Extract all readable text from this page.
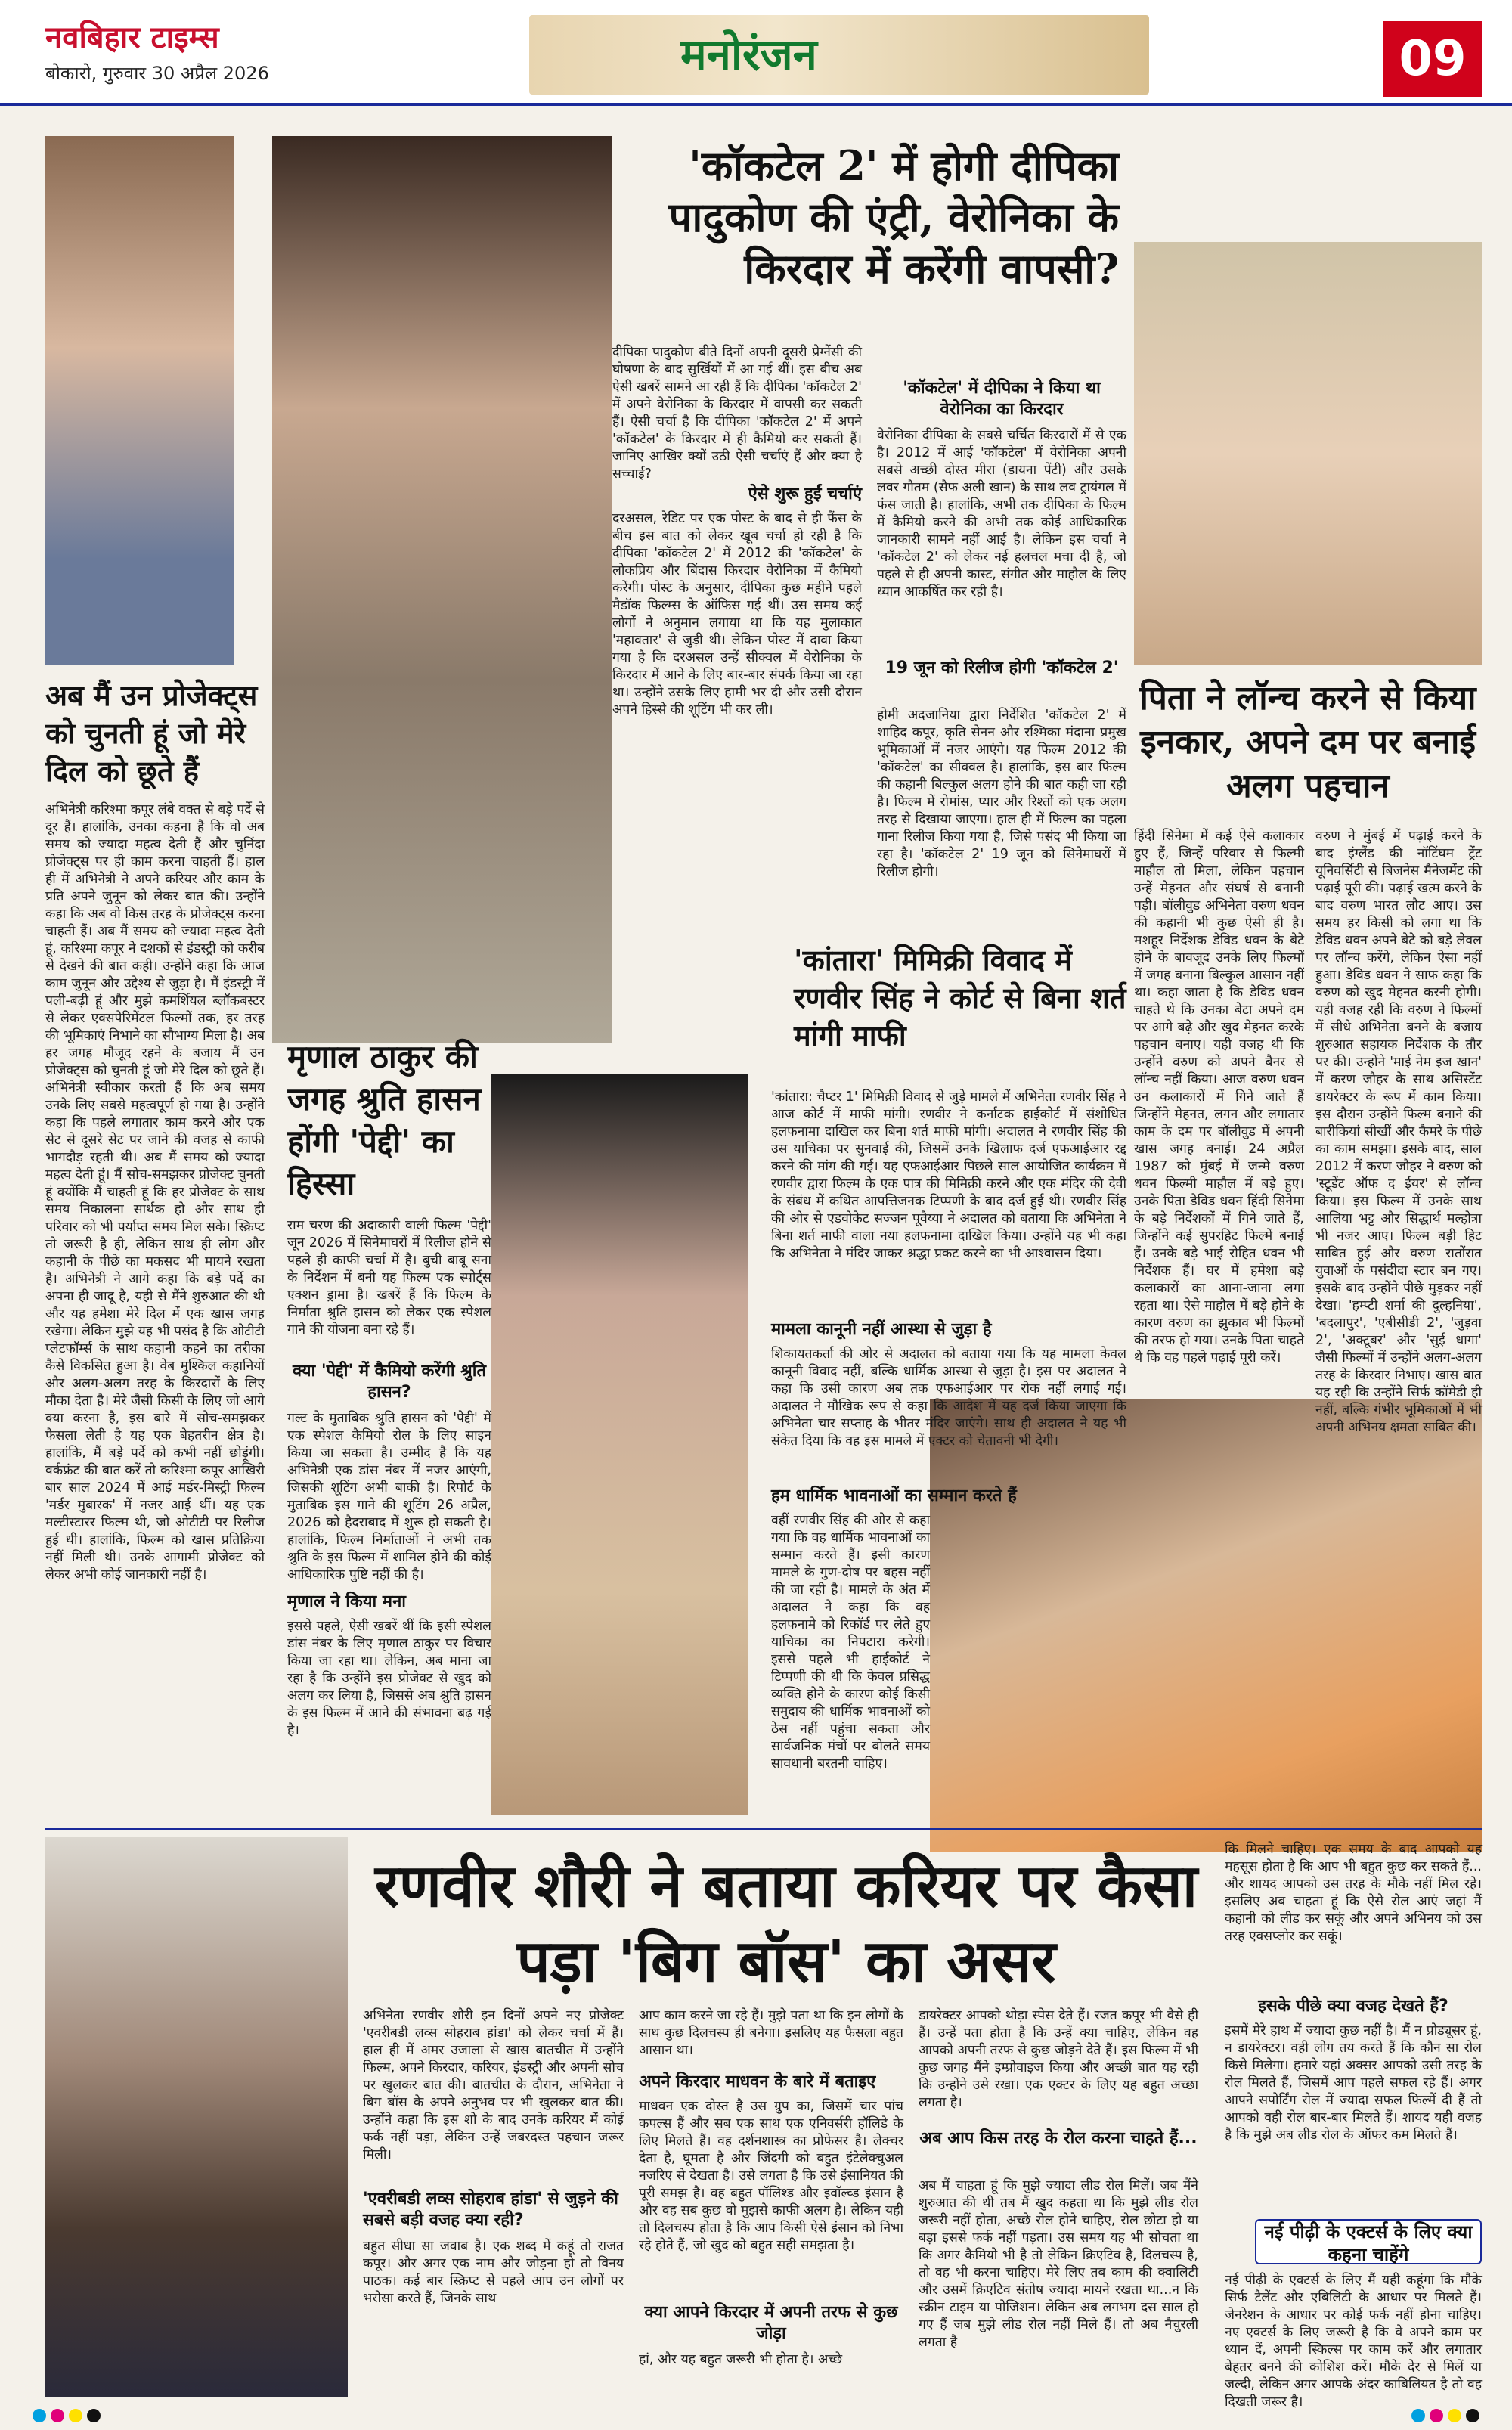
नवबिहार टाइम्स
बोकारो, गुरुवार 30 अप्रैल 2026	मनोरंजन	09
'कॉकटेल 2' में होगी दीपिका पादुकोण की एंट्री, वेरोनिका के किरदार में करेंगी वापसी?
दीपिका पादुकोण बीते दिनों अपनी दूसरी प्रेग्नेंसी की घोषणा के बाद सुर्खियों में आ गई थीं। इस बीच अब ऐसी खबरें सामने आ रही हैं कि दीपिका 'कॉकटेल 2' में अपने वेरोनिका के किरदार में वापसी कर सकती हैं। ऐसी चर्चा है कि दीपिका 'कॉकटेल 2' में अपने 'कॉकटेल' के किरदार में ही कैमियो कर सकती हैं। जानिए आखिर क्यों उठी ऐसी चर्चाएं हैं और क्या है सच्चाई?
ऐसे शुरू हुईं चर्चाएं
दरअसल, रेडिट पर एक पोस्ट के बाद से ही फैंस के बीच इस बात को लेकर खूब चर्चा हो रही है कि दीपिका 'कॉकटेल 2' में 2012 की 'कॉकटेल' के लोकप्रिय और बिंदास किरदार वेरोनिका में कैमियो करेंगी। पोस्ट के अनुसार, दीपिका कुछ महीने पहले मैडॉक फिल्म्स के ऑफिस गई थीं। उस समय कई लोगों ने अनुमान लगाया था कि यह मुलाकात 'महावतार' से जुड़ी थी। लेकिन पोस्ट में दावा किया गया है कि दरअसल उन्हें सीक्वल में वेरोनिका के किरदार में आने के लिए बार-बार संपर्क किया जा रहा था। उन्होंने उसके लिए हामी भर दी और उसी दौरान अपने हिस्से की शूटिंग भी कर ली।
'कॉकटेल' में दीपिका ने किया था वेरोनिका का किरदार
वेरोनिका दीपिका के सबसे चर्चित किरदारों में से एक है। 2012 में आई 'कॉकटेल' में वेरोनिका अपनी सबसे अच्छी दोस्त मीरा (डायना पेंटी) और उसके लवर गौतम (सैफ अली खान) के साथ लव ट्रायंगल में फंस जाती है। हालांकि, अभी तक दीपिका के फिल्म में कैमियो करने की अभी तक कोई आधिकारिक जानकारी सामने नहीं आई है। लेकिन इस चर्चा ने 'कॉकटेल 2' को लेकर नई हलचल मचा दी है, जो पहले से ही अपनी कास्ट, संगीत और माहौल के लिए ध्यान आकर्षित कर रही है।
19 जून को रिलीज होगी 'कॉकटेल 2'
होमी अदजानिया द्वारा निर्देशित 'कॉकटेल 2' में शाहिद कपूर, कृति सेनन और रश्मिका मंदाना प्रमुख भूमिकाओं में नजर आएंगे। यह फिल्म 2012 की 'कॉकटेल' का सीक्वल है। हालांकि, इस बार फिल्म की कहानी बिल्कुल अलग होने की बात कही जा रही है। फिल्म में रोमांस, प्यार और रिश्तों को एक अलग तरह से दिखाया जाएगा। हाल ही में फिल्म का पहला गाना रिलीज किया गया है, जिसे पसंद भी किया जा रहा है। 'कॉकटेल 2' 19 जून को सिनेमाघरों में रिलीज होगी।
अब मैं उन प्रोजेक्ट्स को चुनती हूं जो मेरे दिल को छूते हैं
अभिनेत्री करिश्मा कपूर लंबे वक्त से बड़े पर्दे से दूर हैं। हालांकि, उनका कहना है कि वो अब समय को ज्यादा महत्व देती हैं और चुनिंदा प्रोजेक्ट्स पर ही काम करना चाहती हैं। हाल ही में अभिनेत्री ने अपने करियर और काम के प्रति अपने जुनून को लेकर बात की। उन्होंने कहा कि अब वो किस तरह के प्रोजेक्ट्स करना चाहती हैं। अब मैं समय को ज्यादा महत्व देती हूं, करिश्मा कपूर ने दशकों से इंडस्ट्री को करीब से देखने की बात कही। उन्होंने कहा कि आज काम जुनून और उद्देश्य से जुड़ा है। मैं इंडस्ट्री में पली-बढ़ी हूं और मुझे कमर्शियल ब्लॉकबस्टर से लेकर एक्सपेरिमेंटल फिल्मों तक, हर तरह की भूमिकाएं निभाने का सौभाग्य मिला है। अब हर जगह मौजूद रहने के बजाय मैं उन प्रोजेक्ट्स को चुनती हूं जो मेरे दिल को छूते हैं। अभिनेत्री स्वीकार करती हैं कि अब समय उनके लिए सबसे महत्वपूर्ण हो गया है। उन्होंने कहा कि पहले लगातार काम करने और एक सेट से दूसरे सेट पर जाने की वजह से काफी भागदौड़ रहती थी। अब मैं समय को ज्यादा महत्व देती हूं। मैं सोच-समझकर प्रोजेक्ट चुनती हूं क्योंकि मैं चाहती हूं कि हर प्रोजेक्ट के साथ समय निकालना सार्थक हो और साथ ही परिवार को भी पर्याप्त समय मिल सके। स्क्रिप्ट तो जरूरी है ही, लेकिन साथ ही लोग और कहानी के पीछे का मकसद भी मायने रखता है। अभिनेत्री ने आगे कहा कि बड़े पर्दे का अपना ही जादू है, यही से मैंने शुरुआत की थी और यह हमेशा मेरे दिल में एक खास जगह रखेगा। लेकिन मुझे यह भी पसंद है कि ओटीटी प्लेटफॉर्म्स के साथ कहानी कहने का तरीका कैसे विकसित हुआ है। वेब मुश्किल कहानियों और अलग-अलग तरह के किरदारों के लिए मौका देता है। मेरे जैसी किसी के लिए जो आगे क्या करना है, इस बारे में सोच-समझकर फैसला लेती है यह एक बेहतरीन क्षेत्र है। हालांकि, मैं बड़े पर्दे को कभी नहीं छोड़ूंगी। वर्कफ्रंट की बात करें तो करिश्मा कपूर आखिरी बार साल 2024 में आई मर्डर-मिस्ट्री फिल्म 'मर्डर मुबारक' में नजर आई थीं। यह एक मल्टीस्टारर फिल्म थी, जो ओटीटी पर रिलीज हुई थी। हालांकि, फिल्म को खास प्रतिक्रिया नहीं मिली थी। उनके आगामी प्रोजेक्ट को लेकर अभी कोई जानकारी नहीं है।
मृणाल ठाकुर की जगह श्रुति हासन होंगी 'पेद्दी' का हिस्सा
राम चरण की अदाकारी वाली फिल्म 'पेद्दी' जून 2026 में सिनेमाघरों में रिलीज होने से पहले ही काफी चर्चा में है। बुची बाबू सना के निर्देशन में बनी यह फिल्म एक स्पोर्ट्स एक्शन ड्रामा है। खबरें हैं कि फिल्म के निर्माता श्रुति हासन को लेकर एक स्पेशल गाने की योजना बना रहे हैं।
क्या 'पेद्दी' में कैमियो करेंगी श्रुति हासन?
गल्ट के मुताबिक श्रुति हासन को 'पेद्दी' में एक स्पेशल कैमियो रोल के लिए साइन किया जा सकता है। उम्मीद है कि यह अभिनेत्री एक डांस नंबर में नजर आएंगी, जिसकी शूटिंग अभी बाकी है। रिपोर्ट के मुताबिक इस गाने की शूटिंग 26 अप्रैल, 2026 को हैदराबाद में शुरू हो सकती है। हालांकि, फिल्म निर्माताओं ने अभी तक श्रुति के इस फिल्म में शामिल होने की कोई आधिकारिक पुष्टि नहीं की है।
मृणाल ने किया मना
इससे पहले, ऐसी खबरें थीं कि इसी स्पेशल डांस नंबर के लिए मृणाल ठाकुर पर विचार किया जा रहा था। लेकिन, अब माना जा रहा है कि उन्होंने इस प्रोजेक्ट से खुद को अलग कर लिया है, जिससे अब श्रुति हासन के इस फिल्म में आने की संभावना बढ़ गई है।
'कांतारा' मिमिक्री विवाद में रणवीर सिंह ने कोर्ट से बिना शर्त मांगी माफी
'कांतारा: चैप्टर 1' मिमिक्री विवाद से जुड़े मामले में अभिनेता रणवीर सिंह ने आज कोर्ट में माफी मांगी। रणवीर ने कर्नाटक हाईकोर्ट में संशोधित हलफनामा दाखिल कर बिना शर्त माफी मांगी। अदालत ने रणवीर सिंह की उस याचिका पर सुनवाई की, जिसमें उनके खिलाफ दर्ज एफआईआर रद्द करने की मांग की गई। यह एफआईआर पिछले साल आयोजित कार्यक्रम में रणवीर द्वारा फिल्म के एक पात्र की मिमिक्री करने और एक मंदिर की देवी के संबंध में कथित आपत्तिजनक टिप्पणी के बाद दर्ज हुई थी। रणवीर सिंह की ओर से एडवोकेट सज्जन पूवैय्या ने अदालत को बताया कि अभिनेता ने बिना शर्त माफी वाला नया हलफनामा दाखिल किया। उन्होंने यह भी कहा कि अभिनेता ने मंदिर जाकर श्रद्धा प्रकट करने का भी आश्वासन दिया।
मामला कानूनी नहीं आस्था से जुड़ा है
शिकायतकर्ता की ओर से अदालत को बताया गया कि यह मामला केवल कानूनी विवाद नहीं, बल्कि धार्मिक आस्था से जुड़ा है। इस पर अदालत ने कहा कि उसी कारण अब तक एफआईआर पर रोक नहीं लगाई गई। अदालत ने मौखिक रूप से कहा कि आदेश में यह दर्ज किया जाएगा कि अभिनेता चार सप्ताह के भीतर मंदिर जाएंगे। साथ ही अदालत ने यह भी संकेत दिया कि वह इस मामले में एक्टर को चेतावनी भी देगी।
हम धार्मिक भावनाओं का सम्मान करते हैं
वहीं रणवीर सिंह की ओर से कहा गया कि वह धार्मिक भावनाओं का सम्मान करते हैं। इसी कारण मामले के गुण-दोष पर बहस नहीं की जा रही है। मामले के अंत में अदालत ने कहा कि वह हलफनामे को रिकॉर्ड पर लेते हुए याचिका का निपटारा करेगी। इससे पहले भी हाईकोर्ट ने टिप्पणी की थी कि केवल प्रसिद्ध व्यक्ति होने के कारण कोई किसी समुदाय की धार्मिक भावनाओं को ठेस नहीं पहुंचा सकता और सार्वजनिक मंचों पर बोलते समय सावधानी बरतनी चाहिए।
पिता ने लॉन्च करने से किया इनकार, अपने दम पर बनाई अलग पहचान
हिंदी सिनेमा में कई ऐसे कलाकार हुए हैं, जिन्हें परिवार से फिल्मी माहौल तो मिला, लेकिन पहचान उन्हें मेहनत और संघर्ष से बनानी पड़ी। बॉलीवुड अभिनेता वरुण धवन की कहानी भी कुछ ऐसी ही है। मशहूर निर्देशक डेविड धवन के बेटे होने के बावजूद उनके लिए फिल्मों में जगह बनाना बिल्कुल आसान नहीं था। कहा जाता है कि डेविड धवन चाहते थे कि उनका बेटा अपने दम पर आगे बढ़े और खुद मेहनत करके पहचान बनाए। यही वजह थी कि उन्होंने वरुण को अपने बैनर से लॉन्च नहीं किया। आज वरुण धवन उन कलाकारों में गिने जाते हैं जिन्होंने मेहनत, लगन और लगातार काम के दम पर बॉलीवुड में अपनी खास जगह बनाई। 24 अप्रैल 1987 को मुंबई में जन्मे वरुण धवन फिल्मी माहौल में बड़े हुए। उनके पिता डेविड धवन हिंदी सिनेमा के बड़े निर्देशकों में गिने जाते हैं, जिन्होंने कई सुपरहिट फिल्में बनाई हैं। उनके बड़े भाई रोहित धवन भी निर्देशक हैं। घर में हमेशा बड़े कलाकारों का आना-जाना लगा रहता था। ऐसे माहौल में बड़े होने के कारण वरुण का झुकाव भी फिल्मों की तरफ हो गया। उनके पिता चाहते थे कि वह पहले पढ़ाई पूरी करें।
वरुण ने मुंबई में पढ़ाई करने के बाद इंग्लैंड की नॉटिंघम ट्रेंट यूनिवर्सिटी से बिजनेस मैनेजमेंट की पढ़ाई पूरी की। पढ़ाई खत्म करने के बाद वरुण भारत लौट आए। उस समय हर किसी को लगा था कि डेविड धवन अपने बेटे को बड़े लेवल पर लॉन्च करेंगे, लेकिन ऐसा नहीं हुआ। डेविड धवन ने साफ कहा कि वरुण को खुद मेहनत करनी होगी। यही वजह रही कि वरुण ने फिल्मों में सीधे अभिनेता बनने के बजाय शुरुआत सहायक निर्देशक के तौर पर की। उन्होंने 'माई नेम इज खान' में करण जौहर के साथ असिस्टेंट डायरेक्टर के रूप में काम किया। इस दौरान उन्होंने फिल्म बनाने की बारीकियां सीखीं और कैमरे के पीछे का काम समझा। इसके बाद, साल 2012 में करण जौहर ने वरुण को 'स्टूडेंट ऑफ द ईयर' से लॉन्च किया। इस फिल्म में उनके साथ आलिया भट्ट और सिद्धार्थ मल्होत्रा भी नजर आए। फिल्म बड़ी हिट साबित हुई और वरुण रातोंरात युवाओं के पसंदीदा स्टार बन गए। इसके बाद उन्होंने पीछे मुड़कर नहीं देखा। 'हम्प्टी शर्मा की दुल्हनिया', 'बदलापुर', 'एबीसीडी 2', 'जुड़वा 2', 'अक्टूबर' और 'सुई धागा' जैसी फिल्मों में उन्होंने अलग-अलग तरह के किरदार निभाए। खास बात यह रही कि उन्होंने सिर्फ कॉमेडी ही नहीं, बल्कि गंभीर भूमिकाओं में भी अपनी अभिनय क्षमता साबित की।
रणवीर शौरी ने बताया करियर पर कैसा पड़ा 'बिग बॉस' का असर
अभिनेता रणवीर शौरी इन दिनों अपने नए प्रोजेक्ट 'एवरीबडी लव्स सोहराब हांडा' को लेकर चर्चा में हैं। हाल ही में अमर उजाला से खास बातचीत में उन्होंने फिल्म, अपने किरदार, करियर, इंडस्ट्री और अपनी सोच पर खुलकर बात की। बातचीत के दौरान, अभिनेता ने बिग बॉस के अपने अनुभव पर भी खुलकर बात की। उन्होंने कहा कि इस शो के बाद उनके करियर में कोई फर्क नहीं पड़ा, लेकिन उन्हें जबरदस्त पहचान जरूर मिली।
'एवरीबडी लव्स सोहराब हांडा' से जुड़ने की सबसे बड़ी वजह क्या रही?
बहुत सीधा सा जवाब है। एक शब्द में कहूं तो राजत कपूर। और अगर एक नाम और जोड़ना हो तो विनय पाठक। कई बार स्क्रिप्ट से पहले आप उन लोगों पर भरोसा करते हैं, जिनके साथ
आप काम करने जा रहे हैं। मुझे पता था कि इन लोगों के साथ कुछ दिलचस्प ही बनेगा। इसलिए यह फैसला बहुत आसान था।
अपने किरदार माधवन के बारे में बताइए
माधवन एक दोस्त है उस ग्रुप का, जिसमें चार पांच कपल्स हैं और सब एक साथ एक एनिवर्सरी हॉलिडे के लिए मिलते हैं। वह दर्शनशास्त्र का प्रोफेसर है। लेक्चर देता है, घूमता है और जिंदगी को बहुत इंटेलेक्चुअल नजरिए से देखता है। उसे लगता है कि उसे इंसानियत की पूरी समझ है। वह बहुत पॉलिश्ड और इवॉल्व्ड इंसान है और वह सब कुछ वो मुझसे काफी अलग है। लेकिन यही तो दिलचस्प होता है कि आप किसी ऐसे इंसान को निभा रहे होते हैं, जो खुद को बहुत सही समझता है।
क्या आपने किरदार में अपनी तरफ से कुछ जोड़ा
हां, और यह बहुत जरूरी भी होता है। अच्छे
डायरेक्टर आपको थोड़ा स्पेस देते हैं। रजत कपूर भी वैसे ही हैं। उन्हें पता होता है कि उन्हें क्या चाहिए, लेकिन वह आपको अपनी तरफ से कुछ जोड़ने देते हैं। इस फिल्म में भी कुछ जगह मैंने इम्प्रोवाइज किया और अच्छी बात यह रही कि उन्होंने उसे रखा। एक एक्टर के लिए यह बहुत अच्छा लगता है।
अब आप किस तरह के रोल करना चाहते हैं...
अब मैं चाहता हूं कि मुझे ज्यादा लीड रोल मिलें। जब मैंने शुरुआत की थी तब मैं खुद कहता था कि मुझे लीड रोल जरूरी नहीं होता, अच्छे रोल होने चाहिए, रोल छोटा हो या बड़ा इससे फर्क नहीं पड़ता। उस समय यह भी सोचता था कि अगर कैमियो भी है तो लेकिन क्रिएटिव है, दिलचस्प है, तो वह भी करना चाहिए। मेरे लिए तब काम की क्वालिटी और उसमें क्रिएटिव संतोष ज्यादा मायने रखता था...न कि स्क्रीन टाइम या पोजिशन। लेकिन अब लगभग दस साल हो गए हैं जब मुझे लीड रोल नहीं मिले हैं। तो अब नैचुरली लगता है
कि मिलने चाहिए। एक समय के बाद आपको यह महसूस होता है कि आप भी बहुत कुछ कर सकते हैं... और शायद आपको उस तरह के मौके नहीं मिल रहे। इसलिए अब चाहता हूं कि ऐसे रोल आएं जहां मैं कहानी को लीड कर सकूं और अपने अभिनय को उस तरह एक्सप्लोर कर सकूं।
इसके पीछे क्या वजह देखते हैं?
इसमें मेरे हाथ में ज्यादा कुछ नहीं है। मैं न प्रोड्यूसर हूं, न डायरेक्टर। वही लोग तय करते हैं कि कौन सा रोल किसे मिलेगा। हमारे यहां अक्सर आपको उसी तरह के रोल मिलते हैं, जिसमें आप पहले सफल रहे हैं। अगर आपने सपोर्टिंग रोल में ज्यादा सफल फिल्में दी हैं तो आपको वही रोल बार-बार मिलते हैं। शायद यही वजह है कि मुझे अब लीड रोल के ऑफर कम मिलते हैं।
नई पीढ़ी के एक्टर्स के लिए क्या कहना चाहेंगे
नई पीढ़ी के एक्टर्स के लिए मैं यही कहूंगा कि मौके सिर्फ टैलेंट और एबिलिटी के आधार पर मिलते हैं। जेनरेशन के आधार पर कोई फर्क नहीं होना चाहिए। नए एक्टर्स के लिए जरूरी है कि वे अपने काम पर ध्यान दें, अपनी स्किल्स पर काम करें और लगातार बेहतर बनने की कोशिश करें। मौके देर से मिलें या जल्दी, लेकिन अगर आपके अंदर काबिलियत है तो वह दिखती जरूर है।
